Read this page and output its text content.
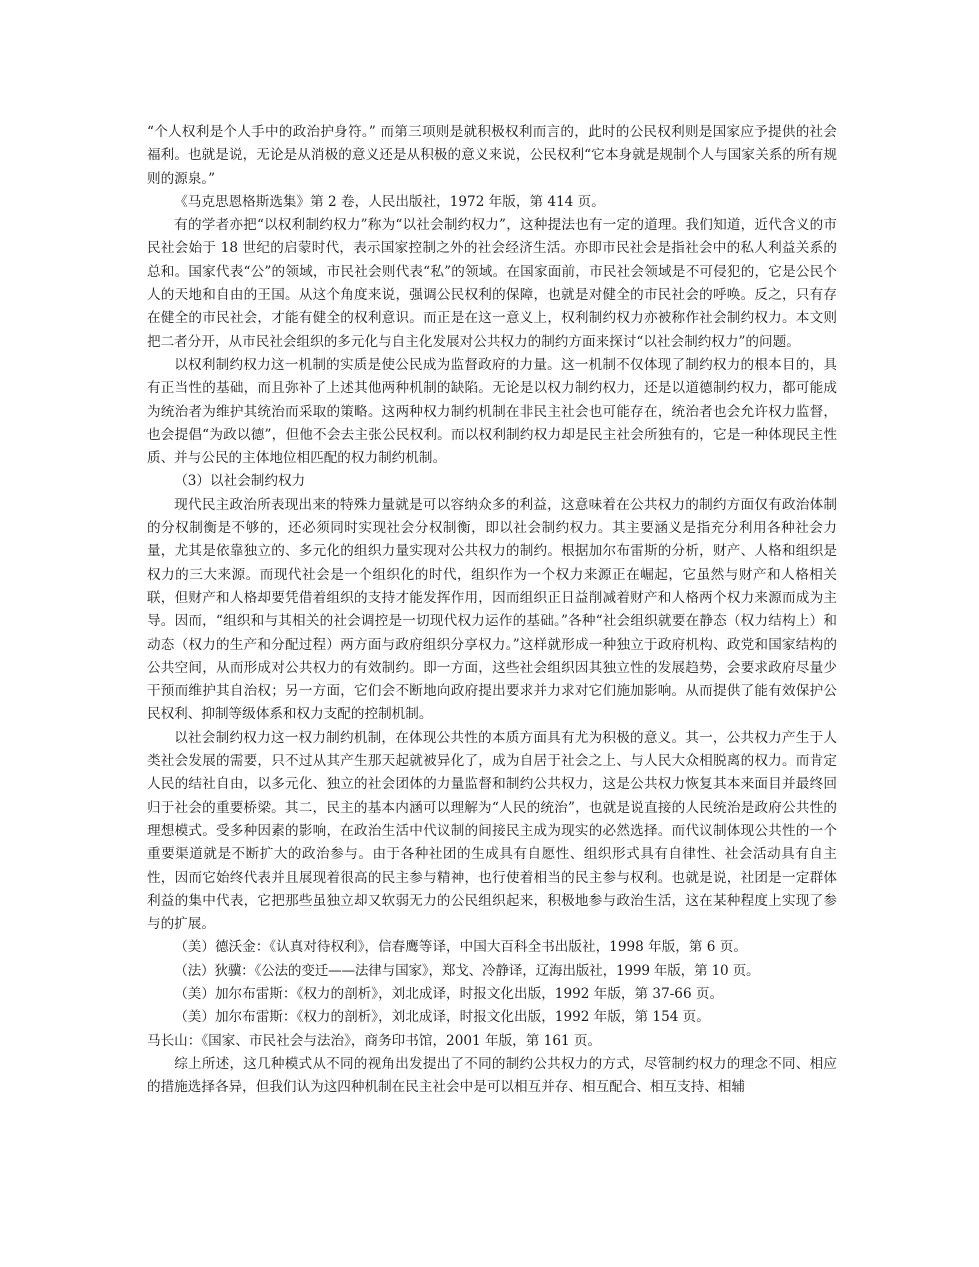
“个人权利是个人手中的政治护身符。” 而第三项则是就积极权利而言的，此时的公民权利则是国家应予提供的社会福利。也就是说，无论是从消极的意义还是从积极的意义来说，公民权利“它本身就是规制个人与国家关系的所有规则的源泉。”

《马克思恩格斯选集》第 2 卷，人民出版社，1972 年版，第 414 页。

有的学者亦把“以权利制约权力”称为“以社会制约权力”，这种提法也有一定的道理。我们知道，近代含义的市民社会始于 18 世纪的启蒙时代，表示国家控制之外的社会经济生活。亦即市民社会是指社会中的私人利益关系的总和。国家代表“公”的领域，市民社会则代表“私”的领域。在国家面前，市民社会领域是不可侵犯的，它是公民个人的天地和自由的王国。从这个角度来说，强调公民权利的保障，也就是对健全的市民社会的呼唤。反之，只有存在健全的市民社会，才能有健全的权利意识。而正是在这一意义上，权利制约权力亦被称作社会制约权力。本文则把二者分开，从市民社会组织的多元化与自主化发展对公共权力的制约方面来探讨“以社会制约权力”的问题。

以权利制约权力这一机制的实质是使公民成为监督政府的力量。这一机制不仅体现了制约权力的根本目的，具有正当性的基础，而且弥补了上述其他两种机制的缺陷。无论是以权力制约权力，还是以道德制约权力，都可能成为统治者为维护其统治而采取的策略。这两种权力制约机制在非民主社会也可能存在，统治者也会允许权力监督，也会提倡“为政以德”，但他不会去主张公民权利。而以权利制约权力却是民主社会所独有的，它是一种体现民主性质、并与公民的主体地位相匹配的权力制约机制。

（3）以社会制约权力

现代民主政治所表现出来的特殊力量就是可以容纳众多的利益，这意味着在公共权力的制约方面仅有政治体制的分权制衡是不够的，还必须同时实现社会分权制衡，即以社会制约权力。其主要涵义是指充分利用各种社会力量，尤其是依靠独立的、多元化的组织力量实现对公共权力的制约。根据加尔布雷斯的分析，财产、人格和组织是权力的三大来源。而现代社会是一个组织化的时代，组织作为一个权力来源正在崛起，它虽然与财产和人格相关联，但财产和人格却要凭借着组织的支持才能发挥作用，因而组织正日益削减着财产和人格两个权力来源而成为主导。因而，“组织和与其相关的社会调控是一切现代权力运作的基础。”各种“社会组织就要在静态（权力结构上）和动态（权力的生产和分配过程）两方面与政府组织分享权力。”这样就形成一种独立于政府机构、政党和国家结构的公共空间，从而形成对公共权力的有效制约。即一方面，这些社会组织因其独立性的发展趋势，会要求政府尽量少干预而维护其自治权；另一方面，它们会不断地向政府提出要求并力求对它们施加影响。从而提供了能有效保护公民权利、抑制等级体系和权力支配的控制机制。

以社会制约权力这一权力制约机制，在体现公共性的本质方面具有尤为积极的意义。其一，公共权力产生于人类社会发展的需要，只不过从其产生那天起就被异化了，成为自居于社会之上、与人民大众相脱离的权力。而肯定人民的结社自由，以多元化、独立的社会团体的力量监督和制约公共权力，这是公共权力恢复其本来面目并最终回归于社会的重要桥梁。其二，民主的基本内涵可以理解为“人民的统治”，也就是说直接的人民统治是政府公共性的理想模式。受多种因素的影响，在政治生活中代议制的间接民主成为现实的必然选择。而代议制体现公共性的一个重要渠道就是不断扩大的政治参与。由于各种社团的生成具有自愿性、组织形式具有自律性、社会活动具有自主性，因而它始终代表并且展现着很高的民主参与精神，也行使着相当的民主参与权利。也就是说，社团是一定群体利益的集中代表，它把那些虽独立却又软弱无力的公民组织起来，积极地参与政治生活，这在某种程度上实现了参与的扩展。

（美）德沃金：《认真对待权利》，信春鹰等译，中国大百科全书出版社，1998 年版，第 6 页。

（法）狄骥：《公法的变迁——法律与国家》，郑戈、冷静译，辽海出版社，1999 年版，第 10 页。

（美）加尔布雷斯：《权力的剖析》，刘北成译，时报文化出版，1992 年版，第 37-66 页。

（美）加尔布雷斯：《权力的剖析》，刘北成译，时报文化出版，1992 年版，第 154 页。

马长山：《国家、市民社会与法治》，商务印书馆，2001 年版，第 161 页。

综上所述，这几种模式从不同的视角出发提出了不同的制约公共权力的方式，尽管制约权力的理念不同、相应的措施选择各异，但我们认为这四种机制在民主社会中是可以相互并存、相互配合、相互支持、相辅
